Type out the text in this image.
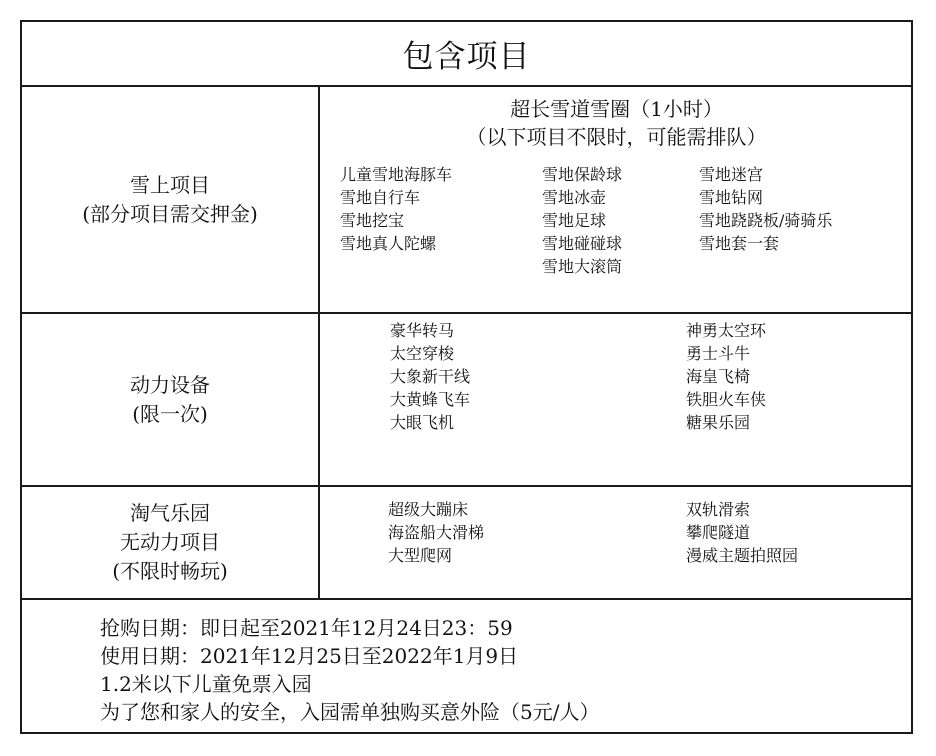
包含项目
雪上项目
(部分项目需交押金)
超长雪道雪圈（1小时）
（以下项目不限时，可能需排队）
儿童雪地海豚车
雪地自行车
雪地挖宝
雪地真人陀螺
雪地保龄球
雪地冰壶
雪地足球
雪地碰碰球
雪地大滚筒
雪地迷宫
雪地钻网
雪地跷跷板/骑骑乐
雪地套一套
动力设备
(限一次)
豪华转马
太空穿梭
大象新干线
大黄蜂飞车
大眼飞机
神勇太空环
勇士斗牛
海皇飞椅
铁胆火车侠
糖果乐园
淘气乐园
无动力项目
(不限时畅玩)
超级大蹦床
海盗船大滑梯
大型爬网
双轨滑索
攀爬隧道
漫威主题拍照园
抢购日期：即日起至2021年12月24日23：59
使用日期：2021年12月25日至2022年1月9日
1.2米以下儿童免票入园
为了您和家人的安全，入园需单独购买意外险（5元/人）
